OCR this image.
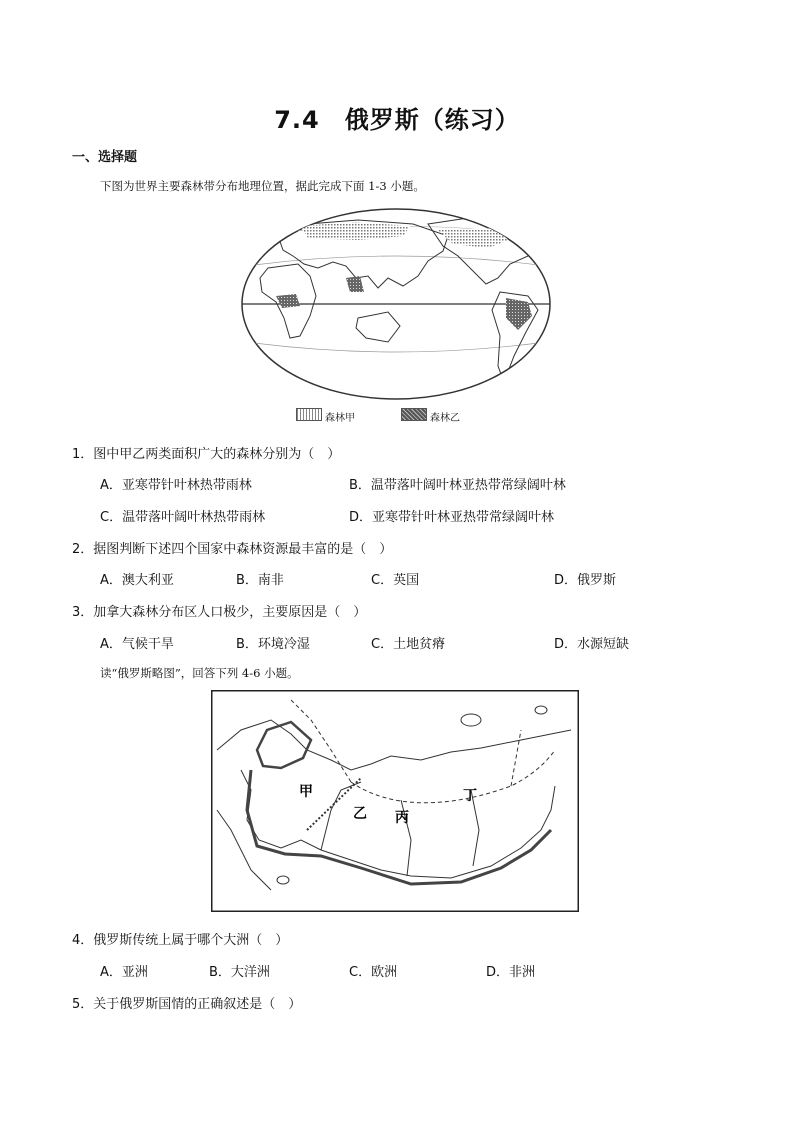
7.4　俄罗斯（练习）
一、选择题
下图为世界主要森林带分布地理位置，据此完成下面 1-3 小题。
森林甲	森林乙
1．图中甲乙两类面积广大的森林分别为（　）
A．亚寒带针叶林热带雨林	B．温带落叶阔叶林亚热带常绿阔叶林
C．温带落叶阔叶林热带雨林	D．亚寒带针叶林亚热带常绿阔叶林
2．据图判断下述四个国家中森林资源最丰富的是（　）
A．澳大利亚	B．南非	C．英国	D．俄罗斯
3．加拿大森林分布区人口极少，主要原因是（　）
A．气候干旱	B．环境冷湿	C．土地贫瘠	D．水源短缺
读“俄罗斯略图”，回答下列 4-6 小题。
甲
乙 丙
丁
4．俄罗斯传统上属于哪个大洲（　）
A．亚洲	B．大洋洲	C．欧洲	D．非洲
5．关于俄罗斯国情的正确叙述是（　）
